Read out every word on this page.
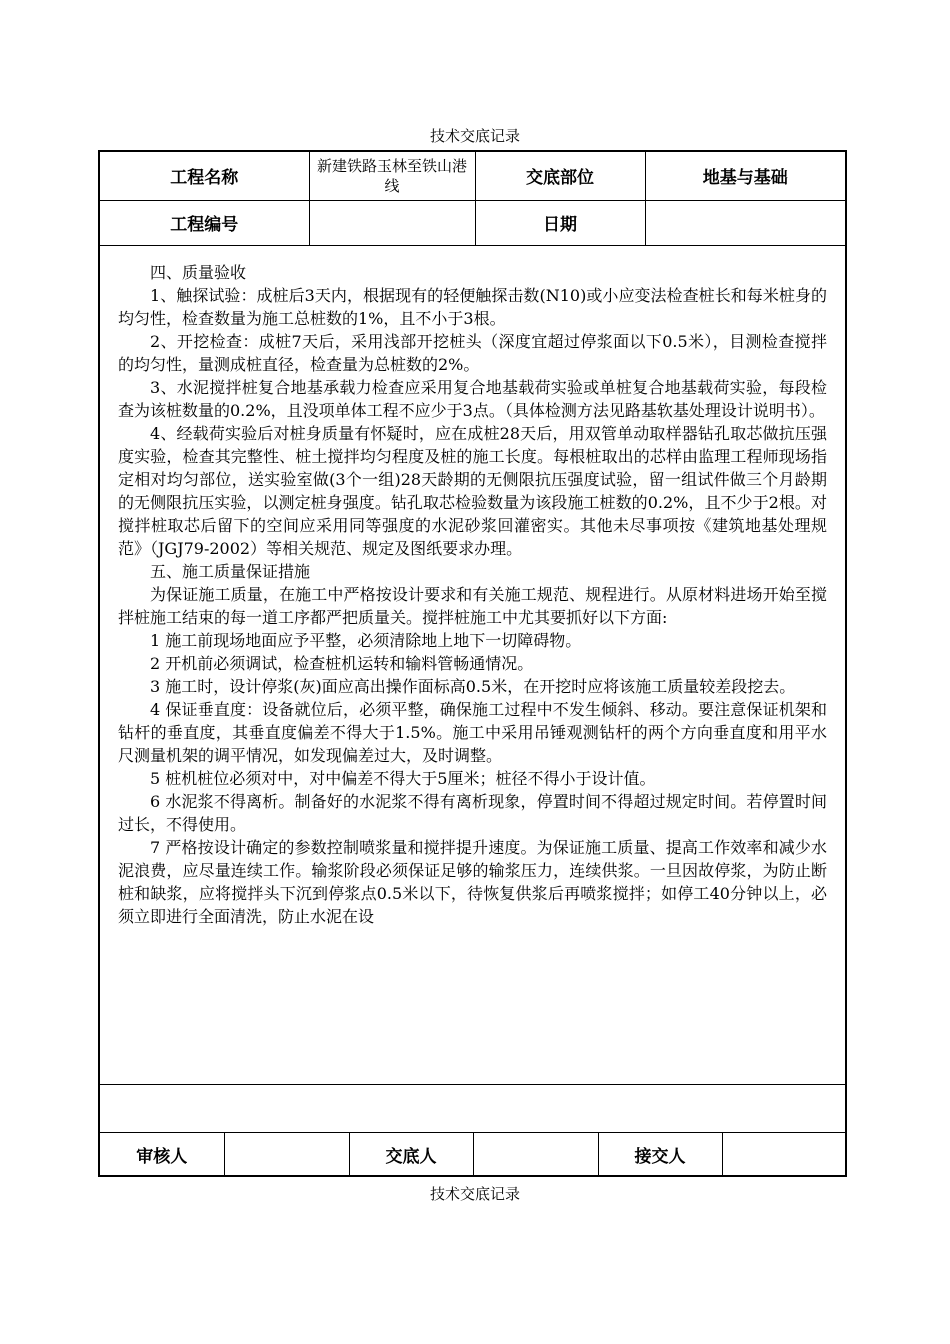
技术交底记录
工程名称	新建铁路玉林至铁山港线	交底部位	地基与基础
工程编号		日期	

四、质量验收

1、触探试验：成桩后3天内，根据现有的轻便触探击数(N10)或小应变法检查桩长和每米桩身的均匀性，检查数量为施工总桩数的1%，且不小于3根。

2、开挖检查：成桩7天后，采用浅部开挖桩头（深度宜超过停浆面以下0.5米），目测检查搅拌的均匀性，量测成桩直径，检查量为总桩数的2%。

3、水泥搅拌桩复合地基承载力检查应采用复合地基载荷实验或单桩复合地基载荷实验，每段检查为该桩数量的0.2%，且没项单体工程不应少于3点。（具体检测方法见路基软基处理设计说明书）。

4、经载荷实验后对桩身质量有怀疑时，应在成桩28天后，用双管单动取样器钻孔取芯做抗压强度实验，检查其完整性、桩土搅拌均匀程度及桩的施工长度。每根桩取出的芯样由监理工程师现场指定相对均匀部位，送实验室做(3个一组)28天龄期的无侧限抗压强度试验，留一组试件做三个月龄期的无侧限抗压实验，以测定桩身强度。钻孔取芯检验数量为该段施工桩数的0.2%，且不少于2根。对搅拌桩取芯后留下的空间应采用同等强度的水泥砂浆回灌密实。其他未尽事项按《建筑地基处理规范》（JGJ79-2002）等相关规范、规定及图纸要求办理。

五、施工质量保证措施

为保证施工质量，在施工中严格按设计要求和有关施工规范、规程进行。从原材料进场开始至搅拌桩施工结束的每一道工序都严把质量关。搅拌桩施工中尤其要抓好以下方面:

1 施工前现场地面应予平整，必须清除地上地下一切障碍物。

2 开机前必须调试，检查桩机运转和输料管畅通情况。

3 施工时，设计停浆(灰)面应高出操作面标高0.5米，在开挖时应将该施工质量较差段挖去。

4 保证垂直度：设备就位后，必须平整，确保施工过程中不发生倾斜、移动。要注意保证机架和钻杆的垂直度，其垂直度偏差不得大于1.5%。施工中采用吊锤观测钻杆的两个方向垂直度和用平水尺测量机架的调平情况，如发现偏差过大，及时调整。

5 桩机桩位必须对中，对中偏差不得大于5厘米；桩径不得小于设计值。

6 水泥浆不得离析。制备好的水泥浆不得有离析现象，停置时间不得超过规定时间。若停置时间过长，不得使用。

7 严格按设计确定的参数控制喷浆量和搅拌提升速度。为保证施工质量、提高工作效率和减少水泥浪费，应尽量连续工作。输浆阶段必须保证足够的输浆压力，连续供浆。一旦因故停浆，为防止断桩和缺浆，应将搅拌头下沉到停浆点0.5米以下，待恢复供浆后再喷浆搅拌；如停工40分钟以上，必须立即进行全面清洗，防止水泥在设

审核人		交底人		接交人	
技术交底记录
